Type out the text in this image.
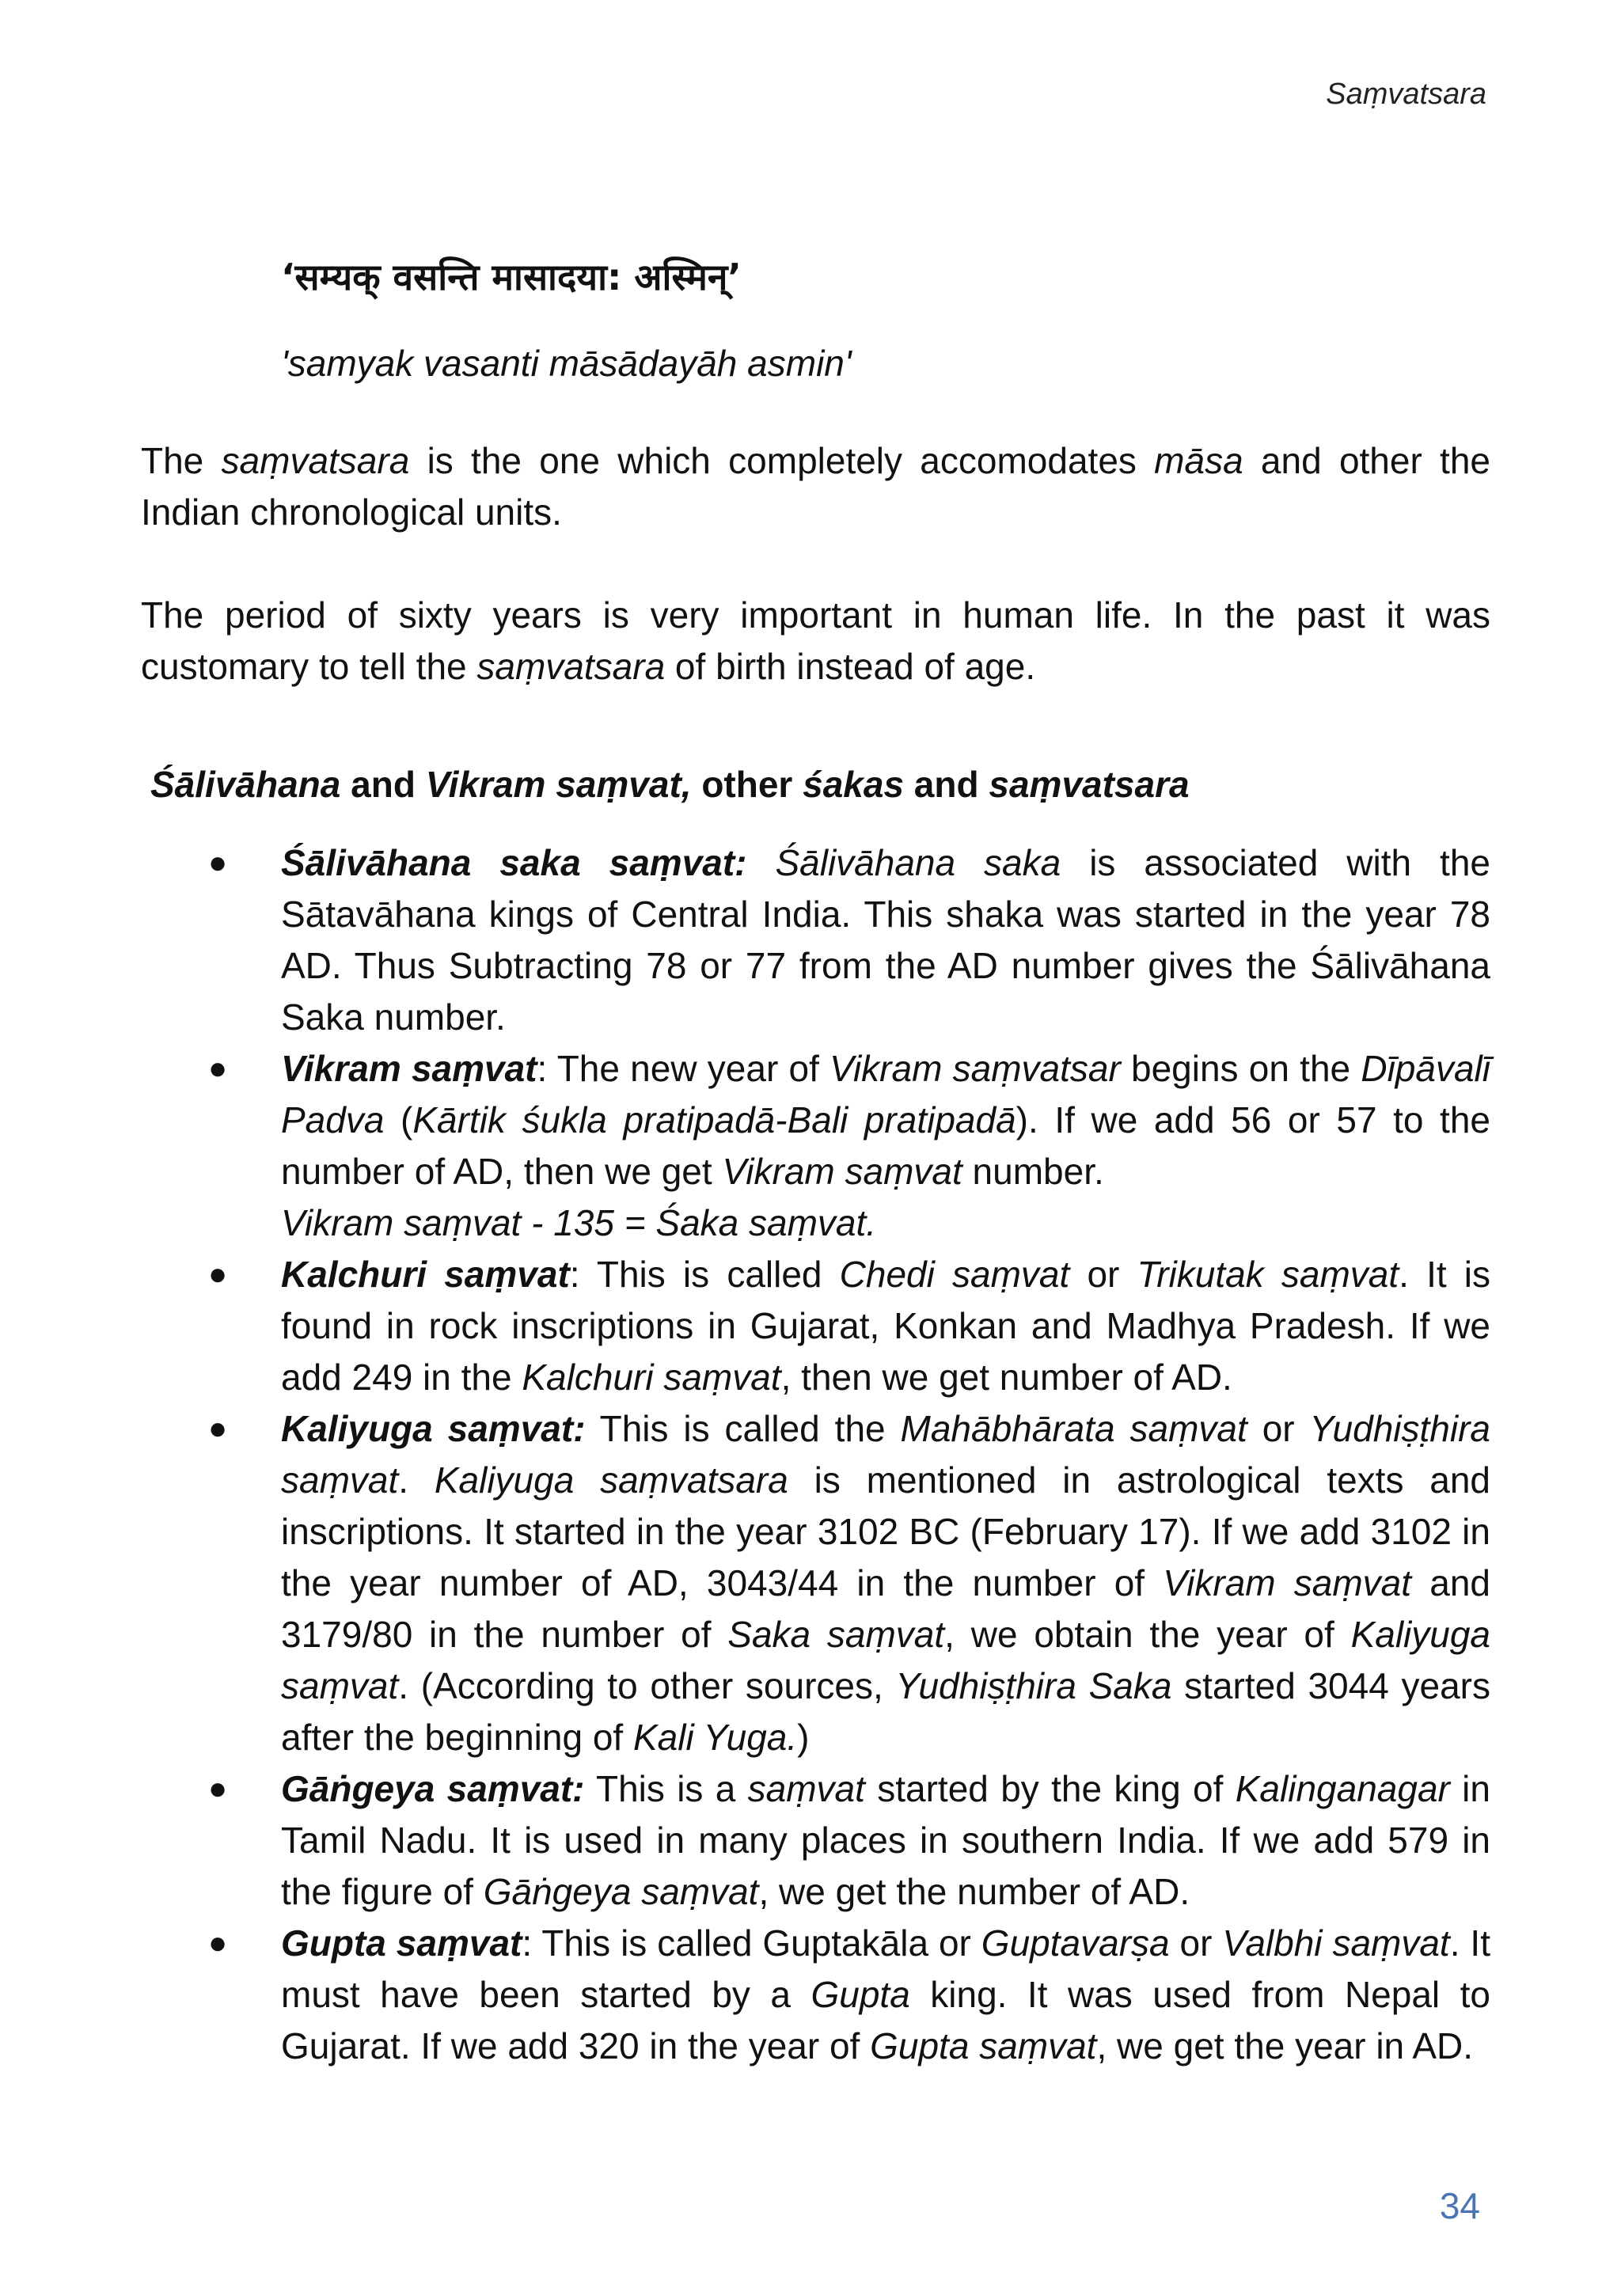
Saṃvatsara
‘सम्यक् वसन्ति मासादया: अस्मिन्’
'samyak vasanti māsādayāh asmin'

The saṃvatsara is the one which completely accomodates māsa and other the Indian chronological units.

The period of sixty years is very important in human life. In the past it was customary to tell the saṃvatsara of birth instead of age.

Śālivāhana and Vikram saṃvat, other śakas and saṃvatsara
● Śālivāhana saka saṃvat: Śālivāhana saka is associated with the Sātavāhana kings of Central India. This shaka was started in the year 78 AD. Thus Subtracting 78 or 77 from the AD number gives the Śālivāhana Saka number.
● Vikram saṃvat: The new year of Vikram saṃvatsar begins on the Dīpāvalī Padva (Kārtik śukla pratipadā-Bali pratipadā). If we add 56 or 57 to the number of AD, then we get Vikram saṃvat number.
Vikram saṃvat - 135 = Śaka saṃvat.
● Kalchuri saṃvat: This is called Chedi saṃvat or Trikutak saṃvat. It is found in rock inscriptions in Gujarat, Konkan and Madhya Pradesh. If we add 249 in the Kalchuri saṃvat, then we get number of AD.
● Kaliyuga saṃvat: This is called the Mahābhārata saṃvat or Yudhiṣṭhira saṃvat. Kaliyuga saṃvatsara is mentioned in astrological texts and inscriptions. It started in the year 3102 BC (February 17). If we add 3102 in the year number of AD, 3043/44 in the number of Vikram saṃvat and 3179/80 in the number of Saka saṃvat, we obtain the year of Kaliyuga saṃvat. (According to other sources, Yudhiṣṭhira Saka started 3044 years after the beginning of Kali Yuga.)
● Gāṅgeya saṃvat: This is a saṃvat started by the king of Kalinganagar in Tamil Nadu. It is used in many places in southern India. If we add 579 in the figure of Gāṅgeya saṃvat, we get the number of AD.
● Gupta saṃvat: This is called Guptakāla or Guptavarṣa or Valbhi saṃvat. It must have been started by a Gupta king. It was used from Nepal to Gujarat. If we add 320 in the year of Gupta saṃvat, we get the year in AD.
34
